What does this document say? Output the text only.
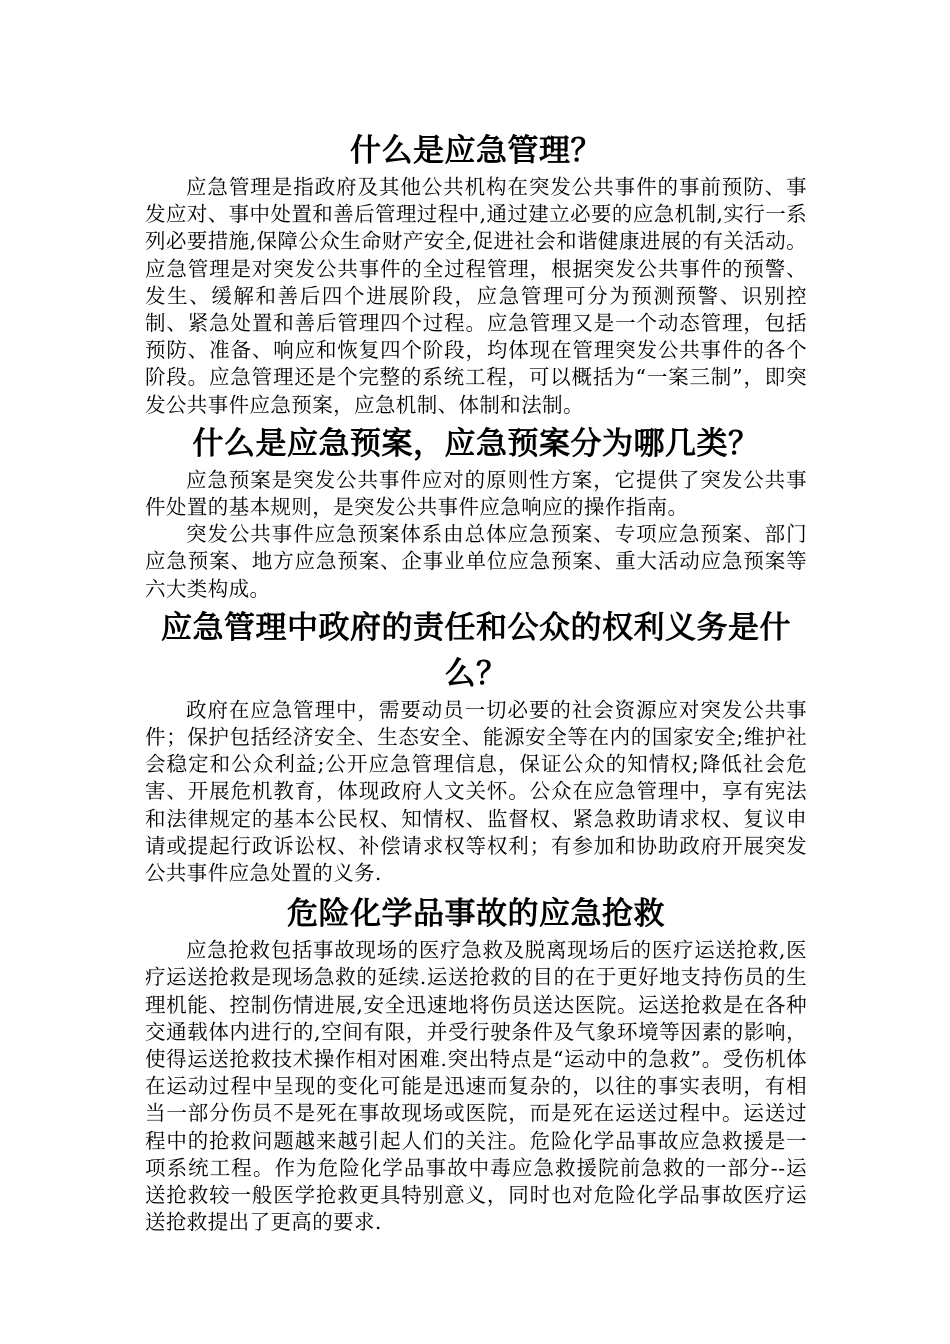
什么是应急管理？

应急管理是指政府及其他公共机构在突发公共事件的事前预防、事发应对、事中处置和善后管理过程中,通过建立必要的应急机制,实行一系列必要措施,保障公众生命财产安全,促进社会和谐健康进展的有关活动。应急管理是对突发公共事件的全过程管理，根据突发公共事件的预警、发生、缓解和善后四个进展阶段，应急管理可分为预测预警、识别控制、紧急处置和善后管理四个过程。应急管理又是一个动态管理，包括预防、准备、响应和恢复四个阶段，均体现在管理突发公共事件的各个阶段。应急管理还是个完整的系统工程，可以概括为“一案三制”，即突发公共事件应急预案，应急机制、体制和法制。

什么是应急预案，应急预案分为哪几类？

应急预案是突发公共事件应对的原则性方案，它提供了突发公共事件处置的基本规则，是突发公共事件应急响应的操作指南。

突发公共事件应急预案体系由总体应急预案、专项应急预案、部门应急预案、地方应急预案、企事业单位应急预案、重大活动应急预案等六大类构成。

应急管理中政府的责任和公众的权利义务是什么？

政府在应急管理中，需要动员一切必要的社会资源应对突发公共事件；保护包括经济安全、生态安全、能源安全等在内的国家安全;维护社会稳定和公众利益;公开应急管理信息，保证公众的知情权;降低社会危害、开展危机教育，体现政府人文关怀。公众在应急管理中，享有宪法和法律规定的基本公民权、知情权、监督权、紧急救助请求权、复议申请或提起行政诉讼权、补偿请求权等权利；有参加和协助政府开展突发公共事件应急处置的义务.

危险化学品事故的应急抢救

应急抢救包括事故现场的医疗急救及脱离现场后的医疗运送抢救,医疗运送抢救是现场急救的延续.运送抢救的目的在于更好地支持伤员的生理机能、控制伤情进展,安全迅速地将伤员送达医院。运送抢救是在各种交通载体内进行的,空间有限，并受行驶条件及气象环境等因素的影响，使得运送抢救技术操作相对困难.突出特点是“运动中的急救”。受伤机体在运动过程中呈现的变化可能是迅速而复杂的，以往的事实表明，有相当一部分伤员不是死在事故现场或医院，而是死在运送过程中。运送过程中的抢救问题越来越引起人们的关注。危险化学品事故应急救援是一项系统工程。作为危险化学品事故中毒应急救援院前急救的一部分--运送抢救较一般医学抢救更具特别意义，同时也对危险化学品事故医疗运送抢救提出了更高的要求.
